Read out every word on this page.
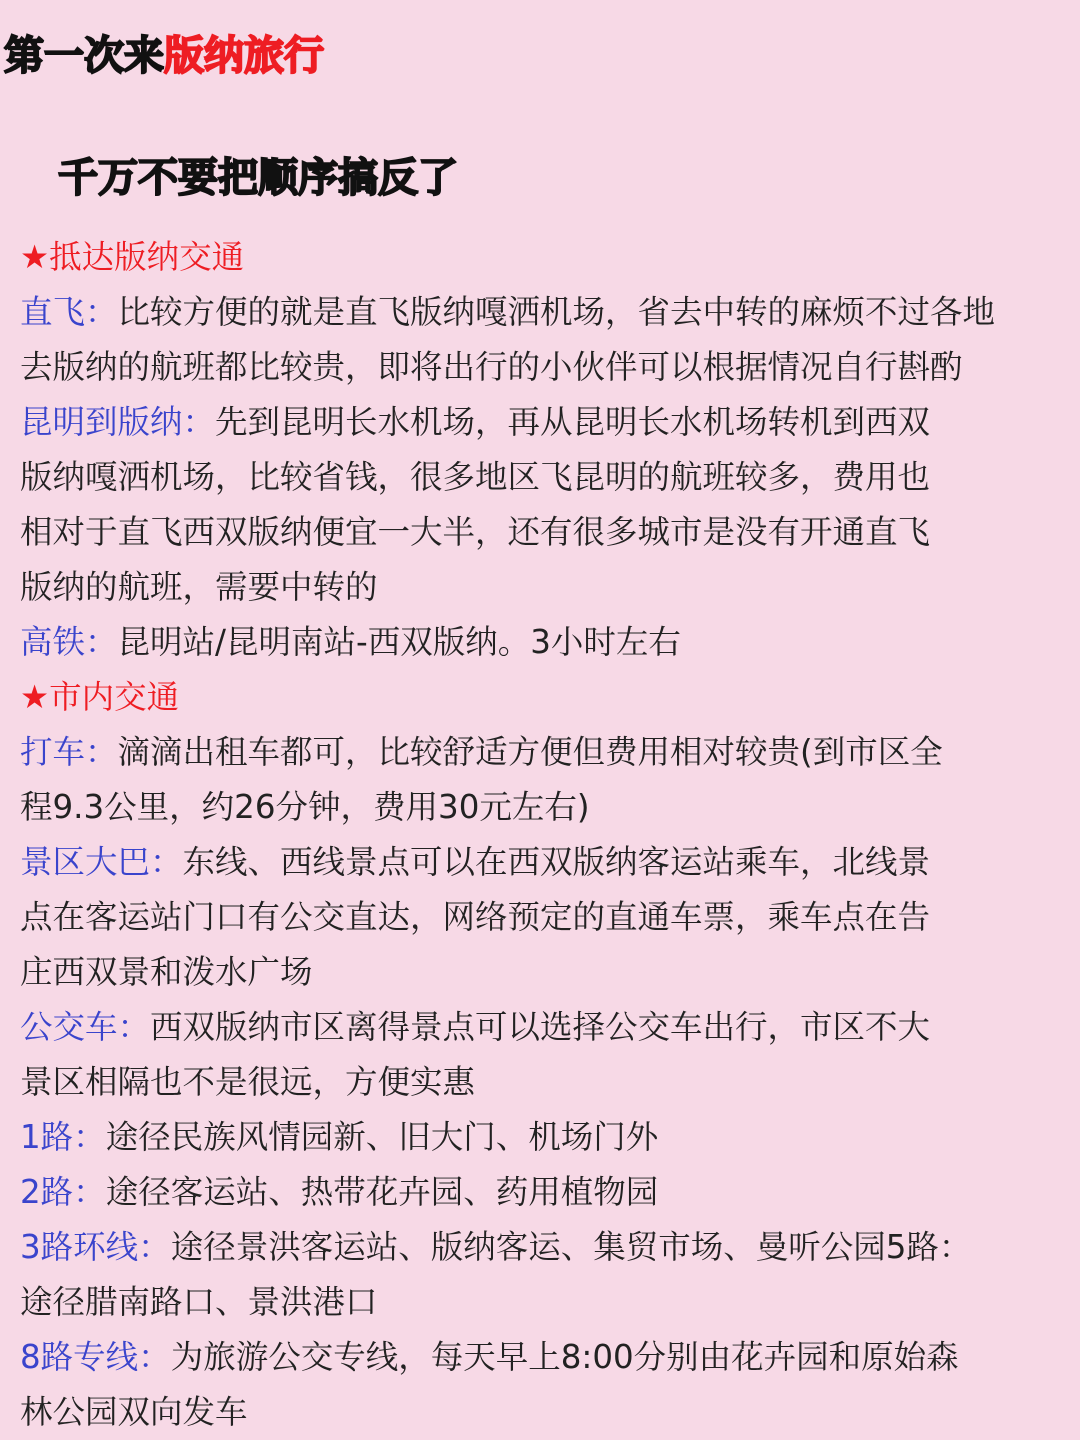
第一次来版纳旅行
千万不要把顺序搞反了
★抵达版纳交通
直飞：比较方便的就是直飞版纳嘎洒机场，省去中转的麻烦不过各地
去版纳的航班都比较贵，即将出行的小伙伴可以根据情况自行斟酌
昆明到版纳：先到昆明长水机场，再从昆明长水机场转机到西双
版纳嘎洒机场，比较省钱，很多地区飞昆明的航班较多，费用也
相对于直飞西双版纳便宜一大半，还有很多城市是没有开通直飞
版纳的航班，需要中转的
高铁：昆明站/昆明南站-西双版纳。3小时左右
★市内交通
打车：滴滴出租车都可，比较舒适方便但费用相对较贵(到市区全
程9.3公里，约26分钟，费用30元左右)
景区大巴：东线、西线景点可以在西双版纳客运站乘车，北线景
点在客运站门口有公交直达，网络预定的直通车票，乘车点在告
庄西双景和泼水广场
公交车：西双版纳市区离得景点可以选择公交车出行，市区不大
景区相隔也不是很远，方便实惠
1路：途径民族风情园新、旧大门、机场门外
2路：途径客运站、热带花卉园、药用植物园
3路环线：途径景洪客运站、版纳客运、集贸市场、曼听公园5路：
途径腊南路口、景洪港口
8路专线：为旅游公交专线，每天早上8:00分别由花卉园和原始森
林公园双向发车
